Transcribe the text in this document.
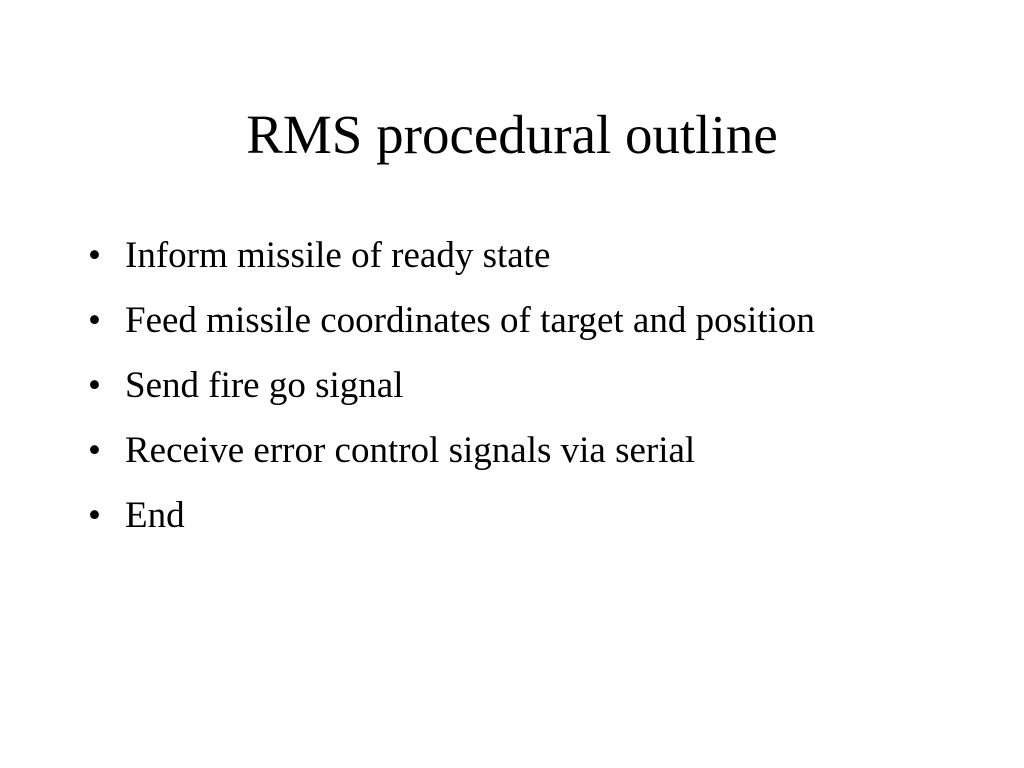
RMS procedural outline
• Inform missile of ready state
• Feed missile coordinates of target and position
• Send fire go signal
• Receive error control signals via serial
• End
